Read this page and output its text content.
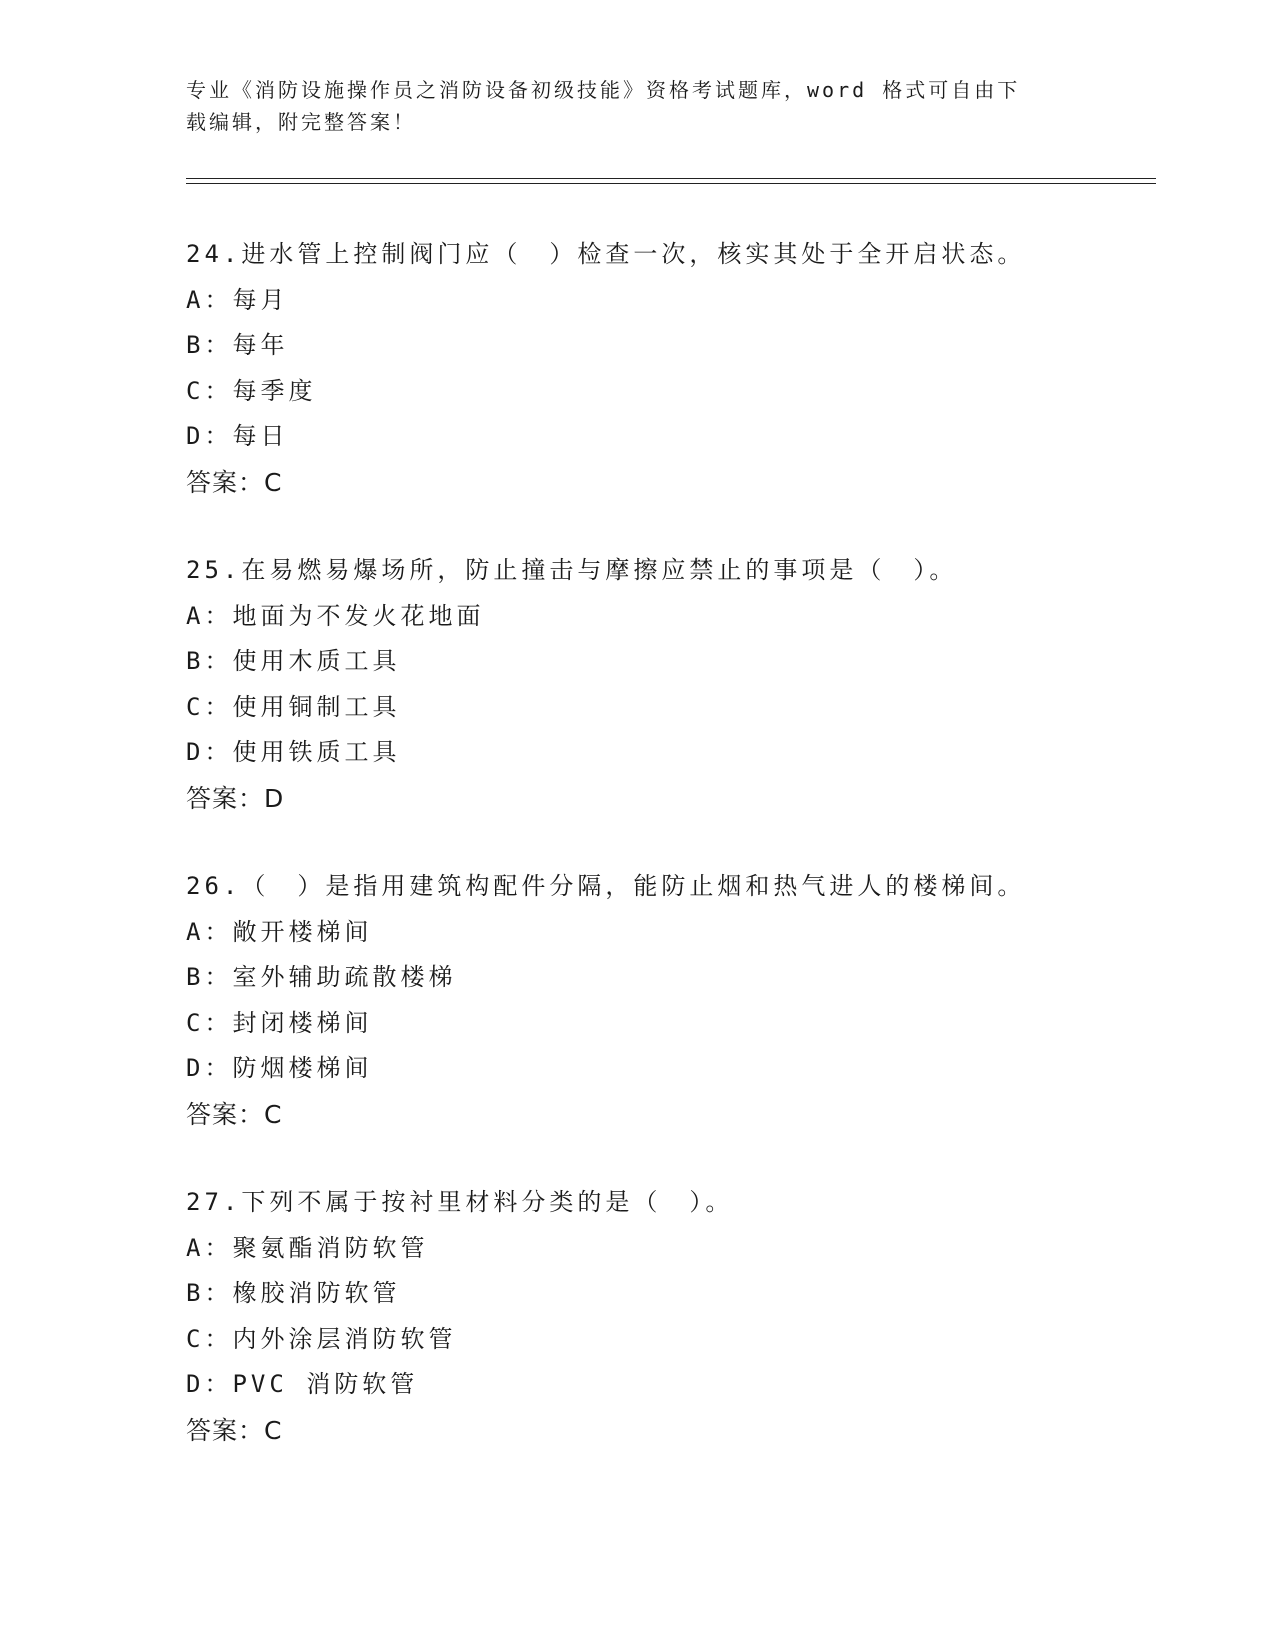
专业《消防设施操作员之消防设备初级技能》资格考试题库，word 格式可自由下
载编辑，附完整答案！
24.进水管上控制阀门应（　）检查一次，核实其处于全开启状态。
A：每月
B：每年
C：每季度
D：每日
答案：C
25.在易燃易爆场所，防止撞击与摩擦应禁止的事项是（　）。
A：地面为不发火花地面
B：使用木质工具
C：使用铜制工具
D：使用铁质工具
答案：D
26.（　）是指用建筑构配件分隔，能防止烟和热气进人的楼梯间。
A：敞开楼梯间
B：室外辅助疏散楼梯
C：封闭楼梯间
D：防烟楼梯间
答案：C
27.下列不属于按衬里材料分类的是（　）。
A：聚氨酯消防软管
B：橡胶消防软管
C：内外涂层消防软管
D：PVC 消防软管
答案：C
